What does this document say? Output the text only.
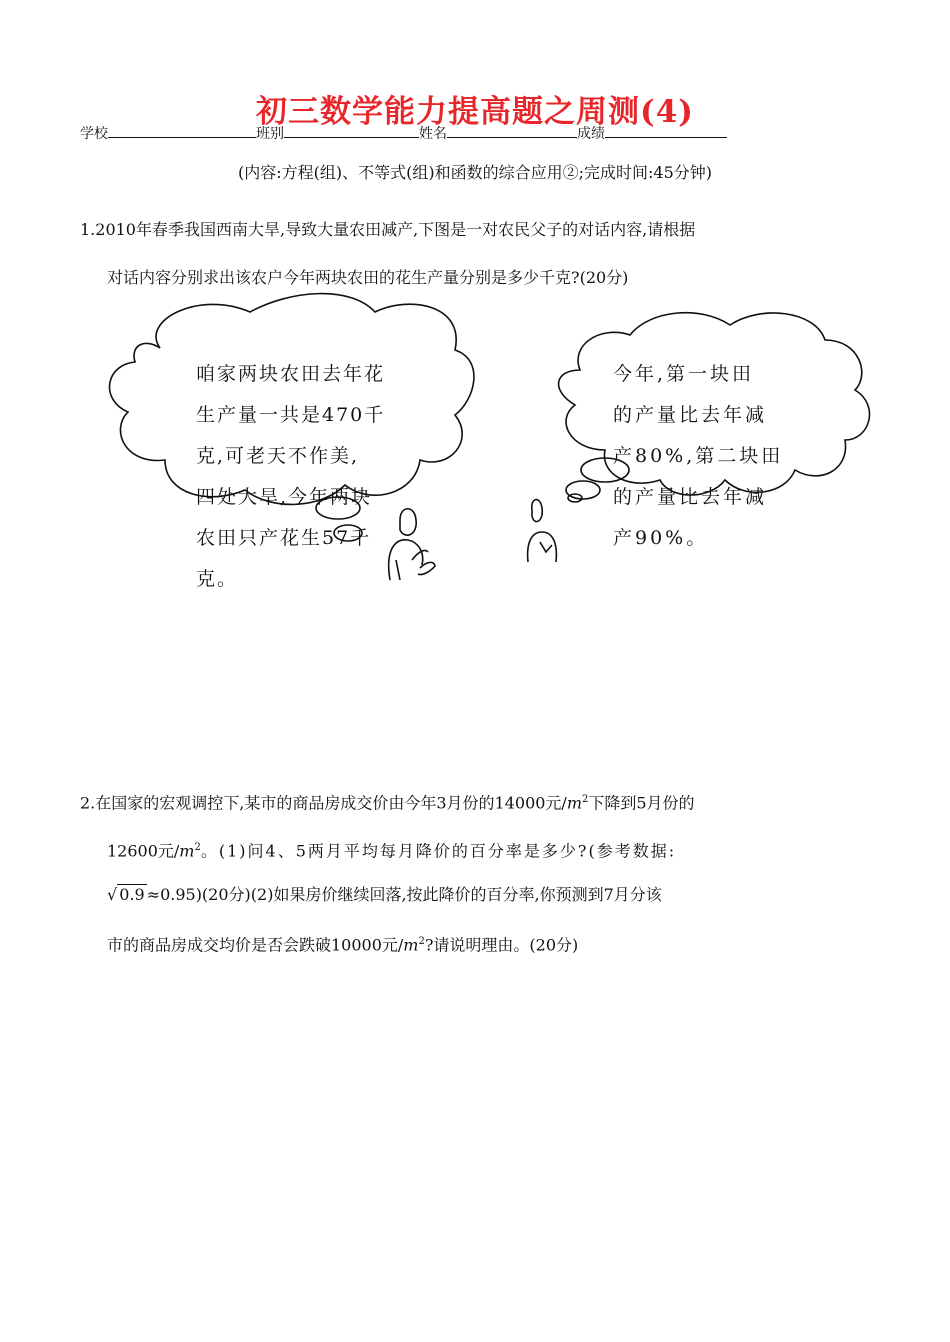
初三数学能力提高题之周测(4)
学校	班别	姓名	成绩
(内容:方程(组)、不等式(组)和函数的综合应用②;完成时间:45分钟)
1.2010年春季我国西南大旱,导致大量农田减产,下图是一对农民父子的对话内容,请根据
对话内容分别求出该农户今年两块农田的花生产量分别是多少千克?(20分)
咱家两块农田去年花
生产量一共是470千
克,可老天不作美,
四处大旱,今年两块
农田只产花生57千
克。
今年,第一块田
的产量比去年减
产80%,第二块田
的产量比去年减
产90%。
2.在国家的宏观调控下,某市的商品房成交价由今年3月份的14000元$/m^2$下降到5月份的
12600元$/m^2$。(1)问4、5两月平均每月降价的百分率是多少?(参考数据:
√ 0.9 ≈0.95)(20分)(2)如果房价继续回落,按此降价的百分率,你预测到7月分该
市的商品房成交均价是否会跌破10000元$/m^2$?请说明理由。(20分)
